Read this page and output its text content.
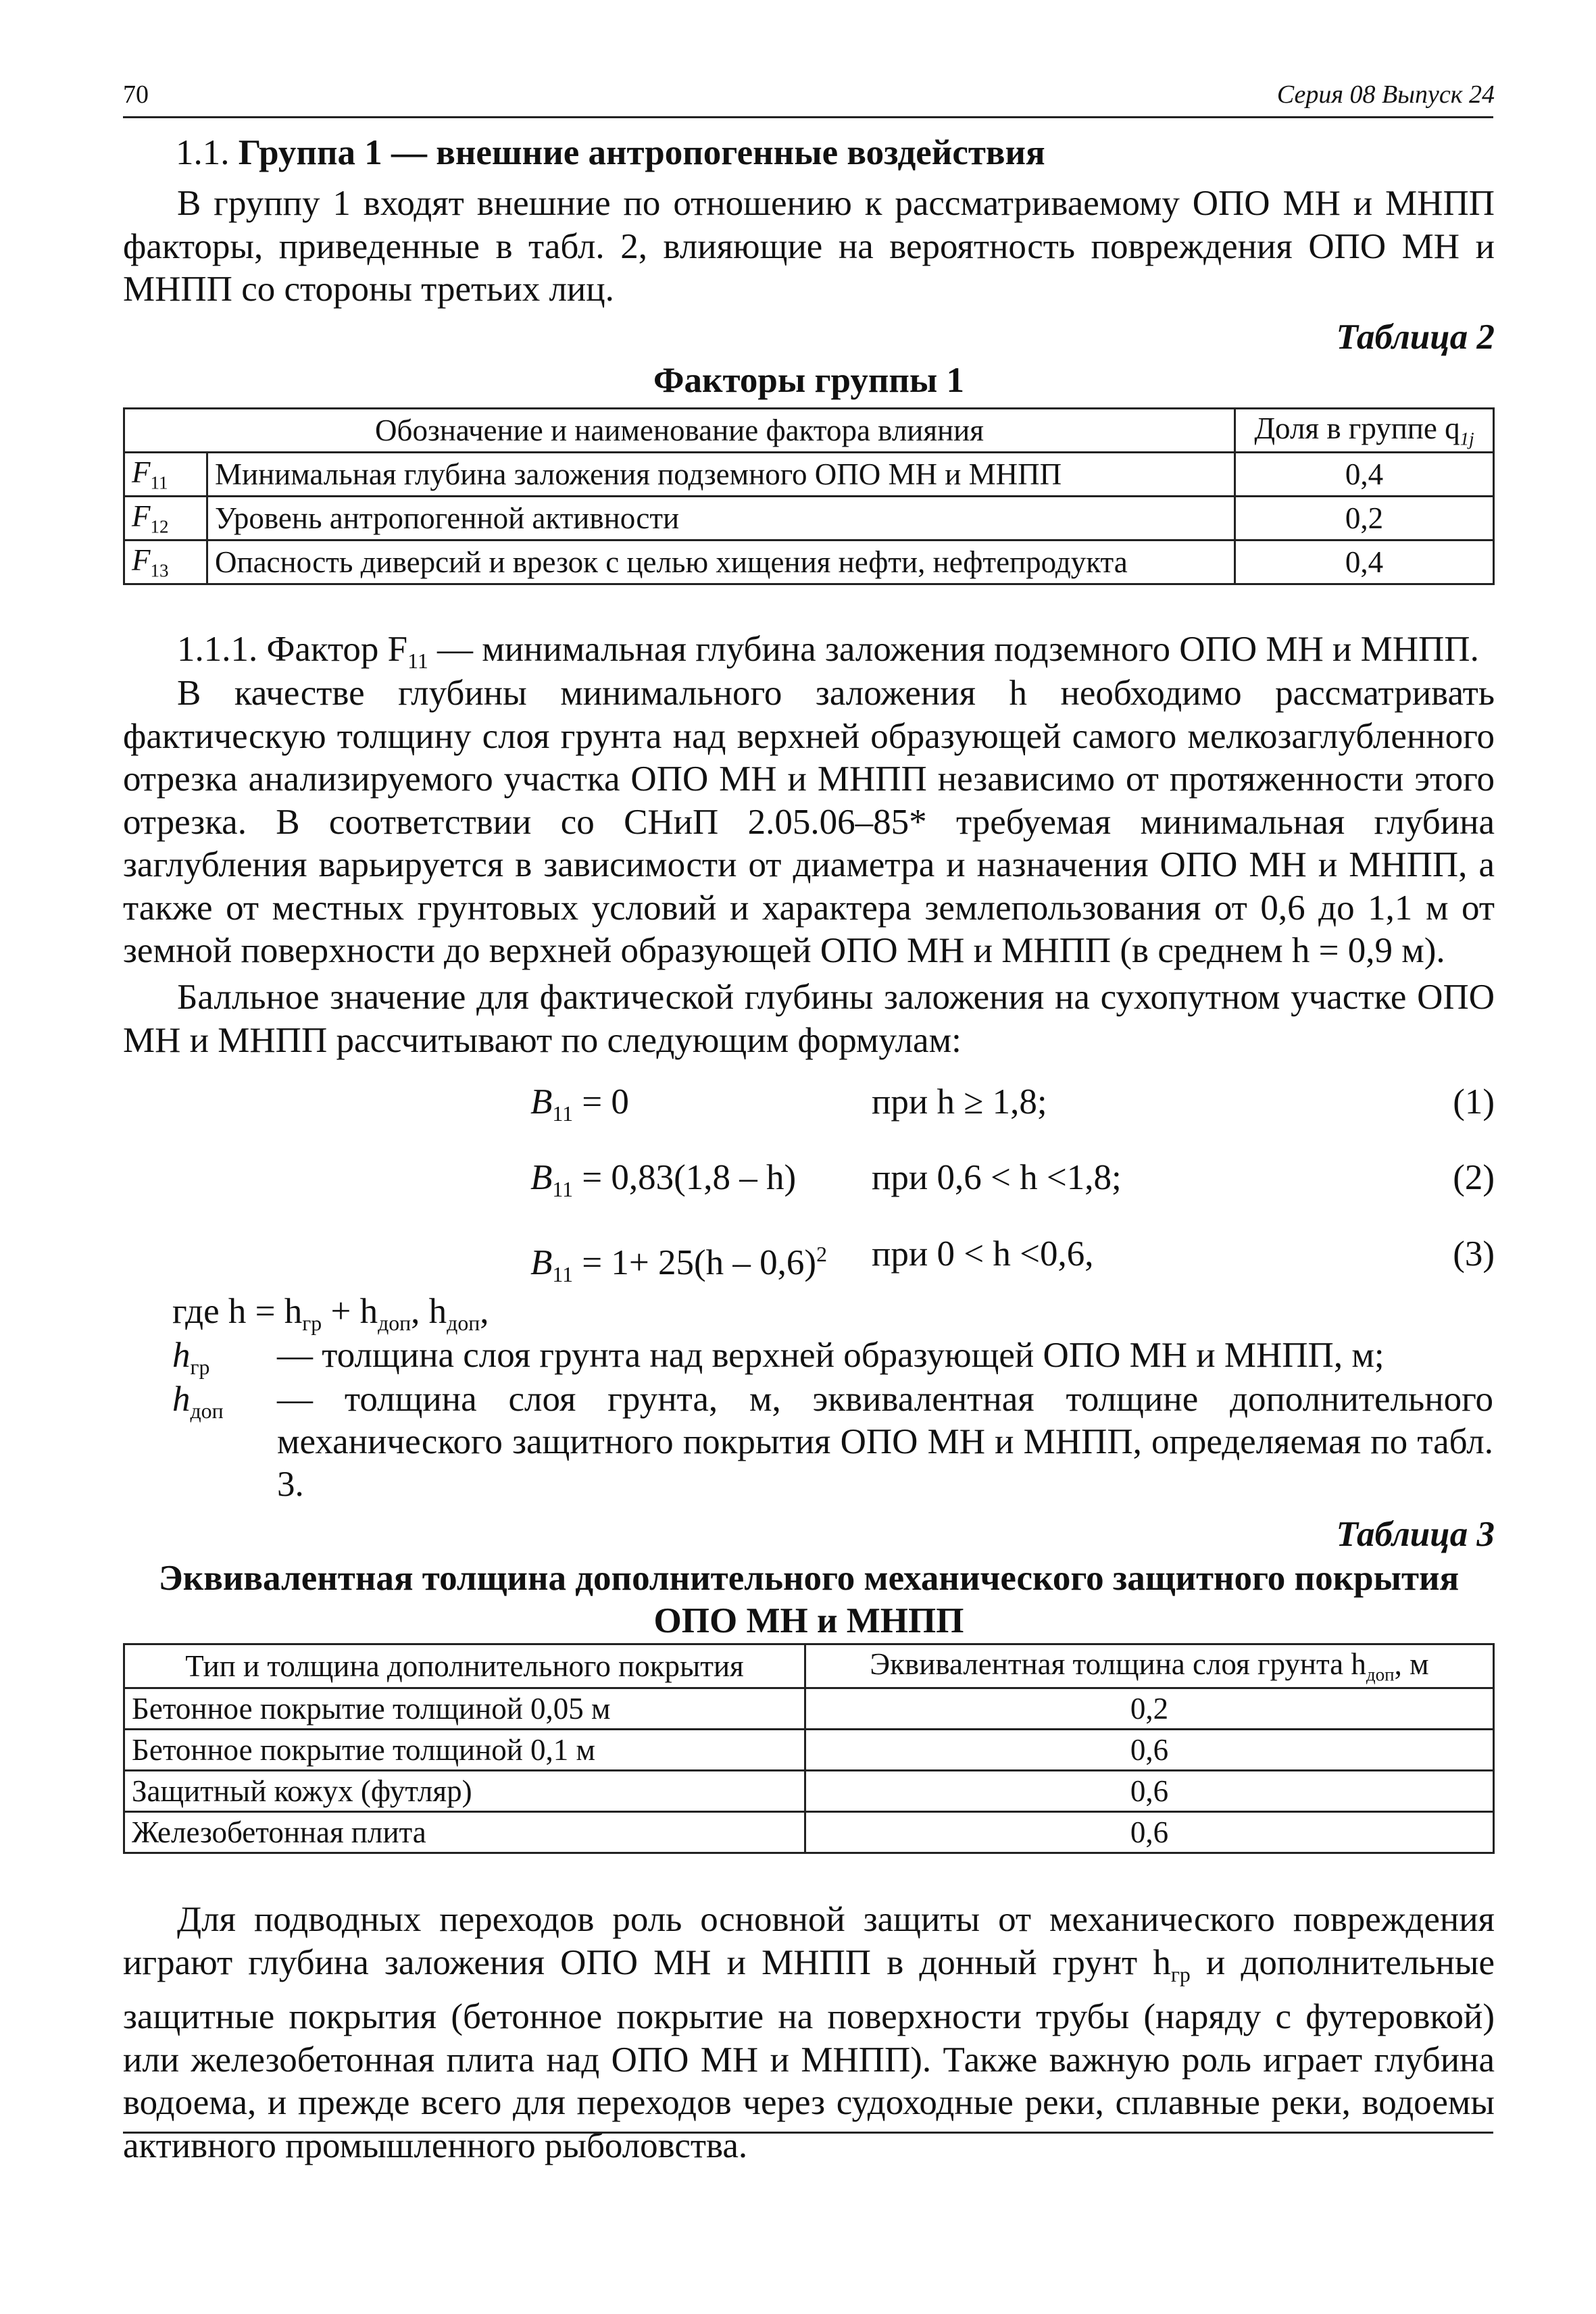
70	Серия 08 Выпуск 24
1.1. Группа 1 — внешние антропогенные воздействия
В группу 1 входят внешние по отношению к рассматриваемому ОПО МН и МНПП факторы, приведенные в табл. 2, влияющие на вероятность повреждения ОПО МН и МНПП со стороны третьих лиц.
Таблица 2
Факторы группы 1
Обозначение и наименование фактора влияния		Доля в группе $q_{1j}$
$F_{11}$	Минимальная глубина заложения подземного ОПО МН и МНПП	0,4
$F_{12}$	Уровень антропогенной активности	0,2
$F_{13}$	Опасность диверсий и врезок с целью хищения нефти, нефтепродукта	0,4
1.1.1. Фактор $F_{11}$ — минимальная глубина заложения подземного ОПО МН и МНПП.
В качестве глубины минимального заложения h необходимо рассматривать фактическую толщину слоя грунта над верхней образующей самого мелкозаглубленного отрезка анализируемого участка ОПО МН и МНПП независимо от протяженности этого отрезка. В соответствии со СНиП 2.05.06–85* требуемая минимальная глубина заглубления варьируется в зависимости от диаметра и назначения ОПО МН и МНПП, а также от местных грунтовых условий и характера землепользования от 0,6 до 1,1 м от земной поверхности до верхней образующей ОПО МН и МНПП (в среднем h = 0,9 м).
Балльное значение для фактической глубины заложения на сухопутном участке ОПО МН и МНПП рассчитывают по следующим формулам:
$B_{11} = 0$	при h ≥ 1,8;	(1)
$B_{11} = 0,83(1,8 - h)$ при 0,6 < h <1,8;	(2)
$B_{11} = 1+ 25(h - 0,6)^2$ при 0 < h <0,6,	(3)
где $h = h_{гр} + h_{доп}$, $h_{доп}$,
$h_{гр}$ — толщина слоя грунта над верхней образующей ОПО МН и МНПП, м;
$h_{доп}$ — толщина слоя грунта, м, эквивалентная толщине дополнительного механического защитного покрытия ОПО МН и МНПП, определяемая по табл. 3.
Таблица 3
Эквивалентная толщина дополнительного механического защитного покрытия
ОПО МН и МНПП
Тип и толщина дополнительного покрытия	Эквивалентная толщина слоя грунта $h_{доп}$, м
Бетонное покрытие толщиной 0,05 м	0,2
Бетонное покрытие толщиной 0,1 м	0,6
Защитный кожух (футляр)	0,6
Железобетонная плита	0,6
Для подводных переходов роль основной защиты от механического повреждения играют глубина заложения ОПО МН и МНПП в донный грунт $h_{гр}$ и дополнительные защитные покрытия (бетонное покрытие на поверхности трубы (наряду с футеровкой) или железобетонная плита над ОПО МН и МНПП). Также важную роль играет глубина водоема, и прежде всего для переходов через судоходные реки, сплавные реки, водоемы активного промышленного рыболовства.
